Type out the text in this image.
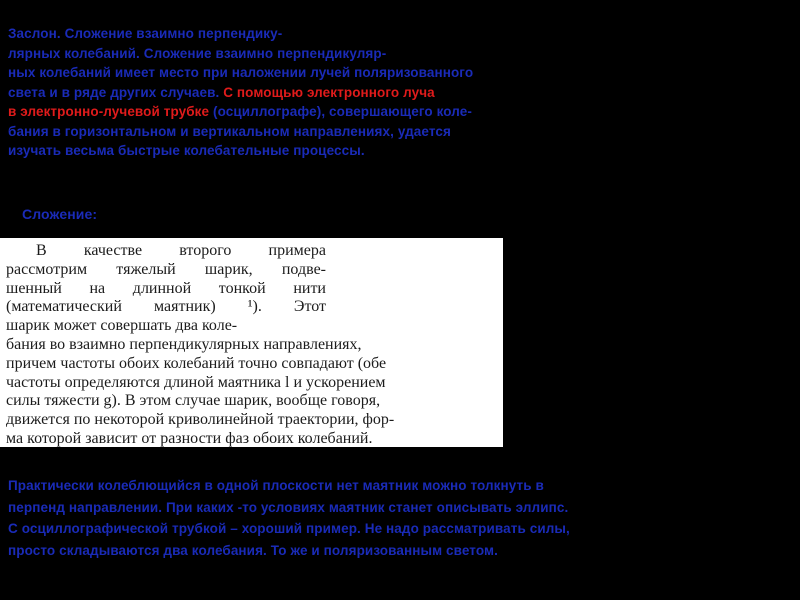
Заслон. Сложение взаимно перпендику-
лярных колебаний. Сложение взаимно перпендикуляр-
ных колебаний имеет место при наложении лучей поляризованного
света и в ряде других случаев. С помощью электронного луча
в электронно-лучевой трубке (осциллографе), совершающего коле-
бания в горизонтальном и вертикальном направлениях, удается
изучать весьма быстрые колебательные процессы.
Сложение:
В качестве второго примера
рассмотрим тяжелый шарик, подве-
шенный на длинной тонкой нити
(математический маятник) ¹). Этот
шарик может совершать два коле-
бания во взаимно перпендикулярных направлениях,
причем частоты обоих колебаний точно совпадают (обе
частоты определяются длиной маятника l и ускорением
силы тяжести g). В этом случае шарик, вообще говоря,
движется по некоторой криволинейной траектории, фор-
ма которой зависит от разности фаз обоих колебаний.
Практически колеблющийся в одной плоскости нет маятник можно толкнуть в
перпенд направлении. При каких -то условиях маятник станет описывать эллипс.
С осциллографической трубкой – хороший пример. Не надо рассматривать силы,
просто складываются два колебания. То же и поляризованным светом.
